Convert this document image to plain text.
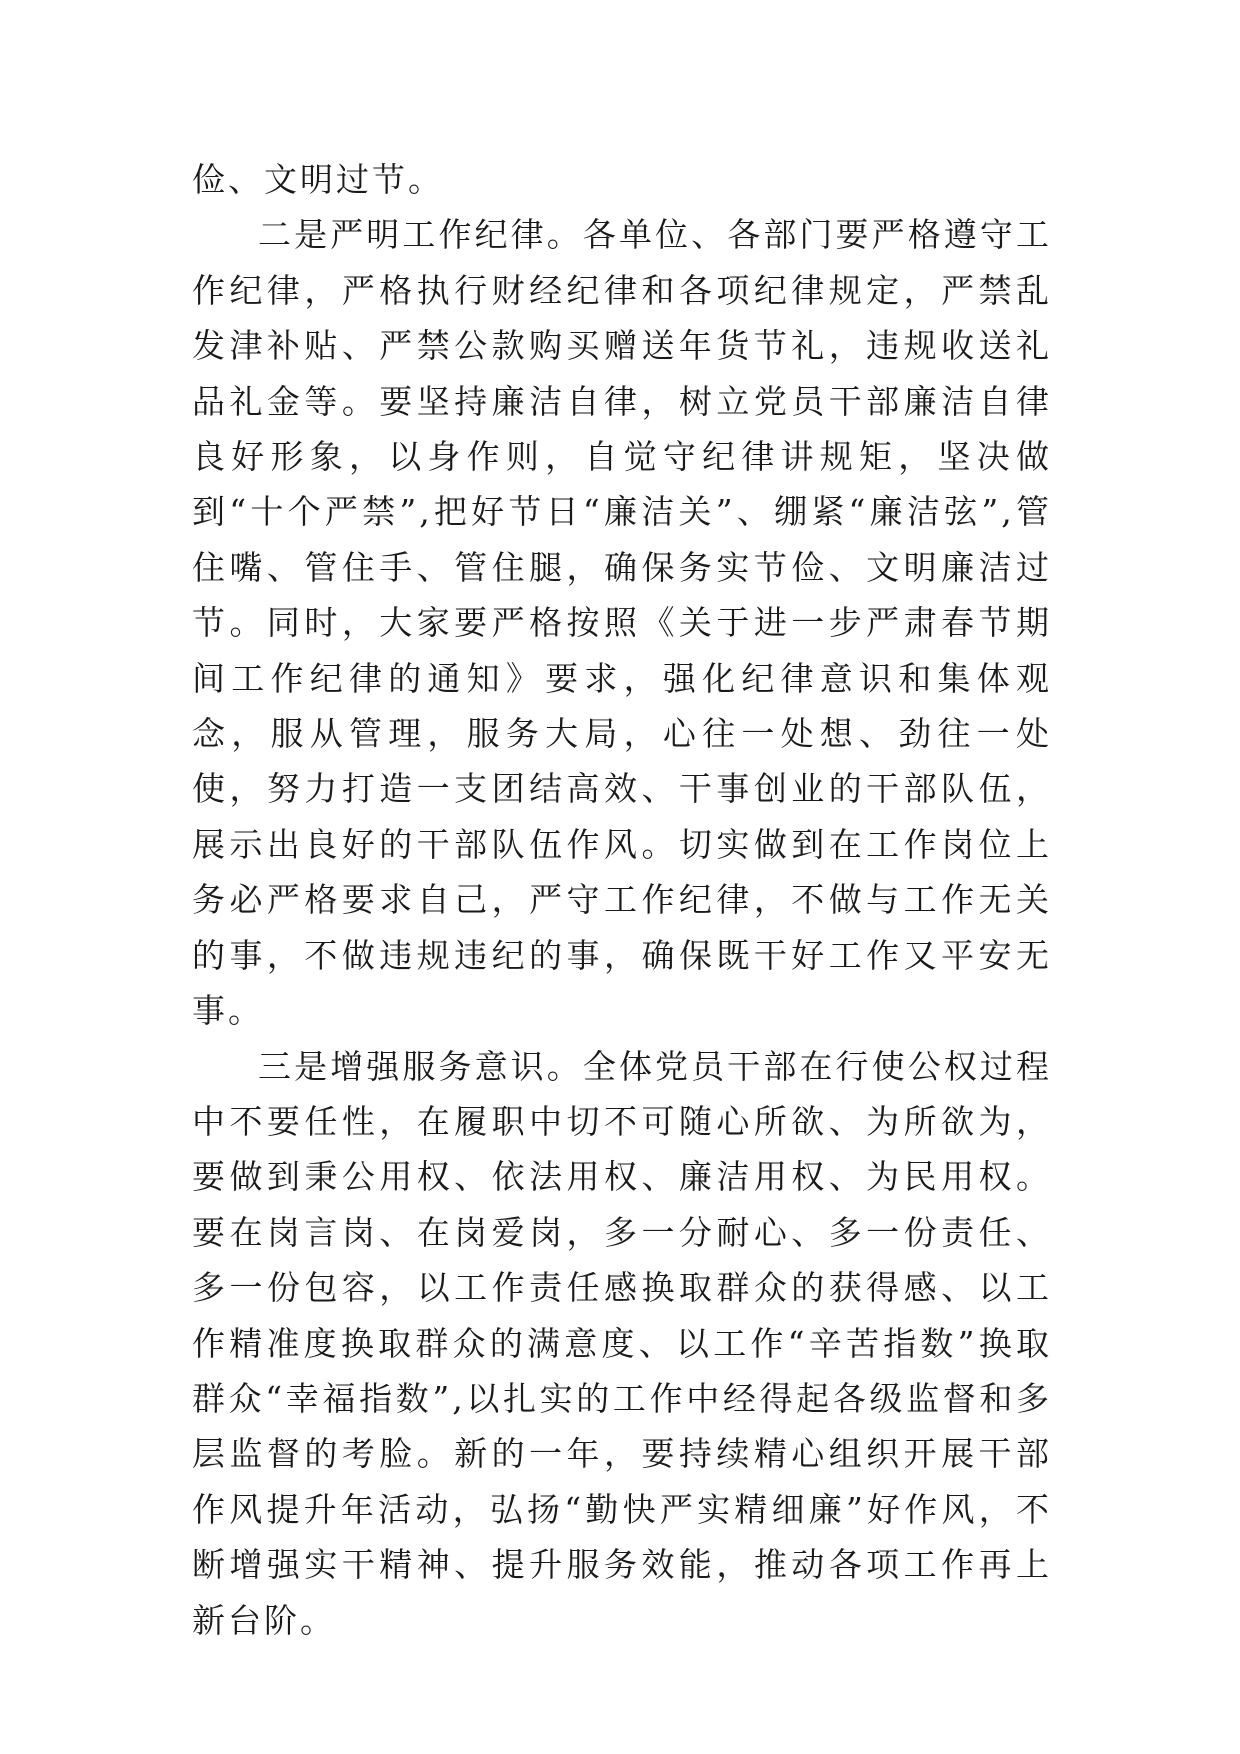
俭、文明过节。

二是严明工作纪律。各单位、各部门要严格遵守工作纪律，严格执行财经纪律和各项纪律规定，严禁乱发津补贴、严禁公款购买赠送年货节礼，违规收送礼品礼金等。要坚持廉洁自律，树立党员干部廉洁自律良好形象，以身作则，自觉守纪律讲规矩，坚决做到“十个严禁”,把好节日“廉洁关”、绷紧“廉洁弦”,管住嘴、管住手、管住腿，确保务实节俭、文明廉洁过节。同时，大家要严格按照《关于进一步严肃春节期间工作纪律的通知》要求，强化纪律意识和集体观念，服从管理，服务大局，心往一处想、劲往一处使，努力打造一支团结高效、干事创业的干部队伍，展示出良好的干部队伍作风。切实做到在工作岗位上务必严格要求自己，严守工作纪律，不做与工作无关的事，不做违规违纪的事，确保既干好工作又平安无事。

三是增强服务意识。全体党员干部在行使公权过程中不要任性，在履职中切不可随心所欲、为所欲为，要做到秉公用权、依法用权、廉洁用权、为民用权。要在岗言岗、在岗爱岗，多一分耐心、多一份责任、多一份包容，以工作责任感换取群众的获得感、以工作精准度换取群众的满意度、以工作“辛苦指数”换取群众“幸福指数”,以扎实的工作中经得起各级监督和多层监督的考脸。新的一年，要持续精心组织开展干部作风提升年活动，弘扬“勤快严实精细廉”好作风，不断增强实干精神、提升服务效能，推动各项工作再上新台阶。
